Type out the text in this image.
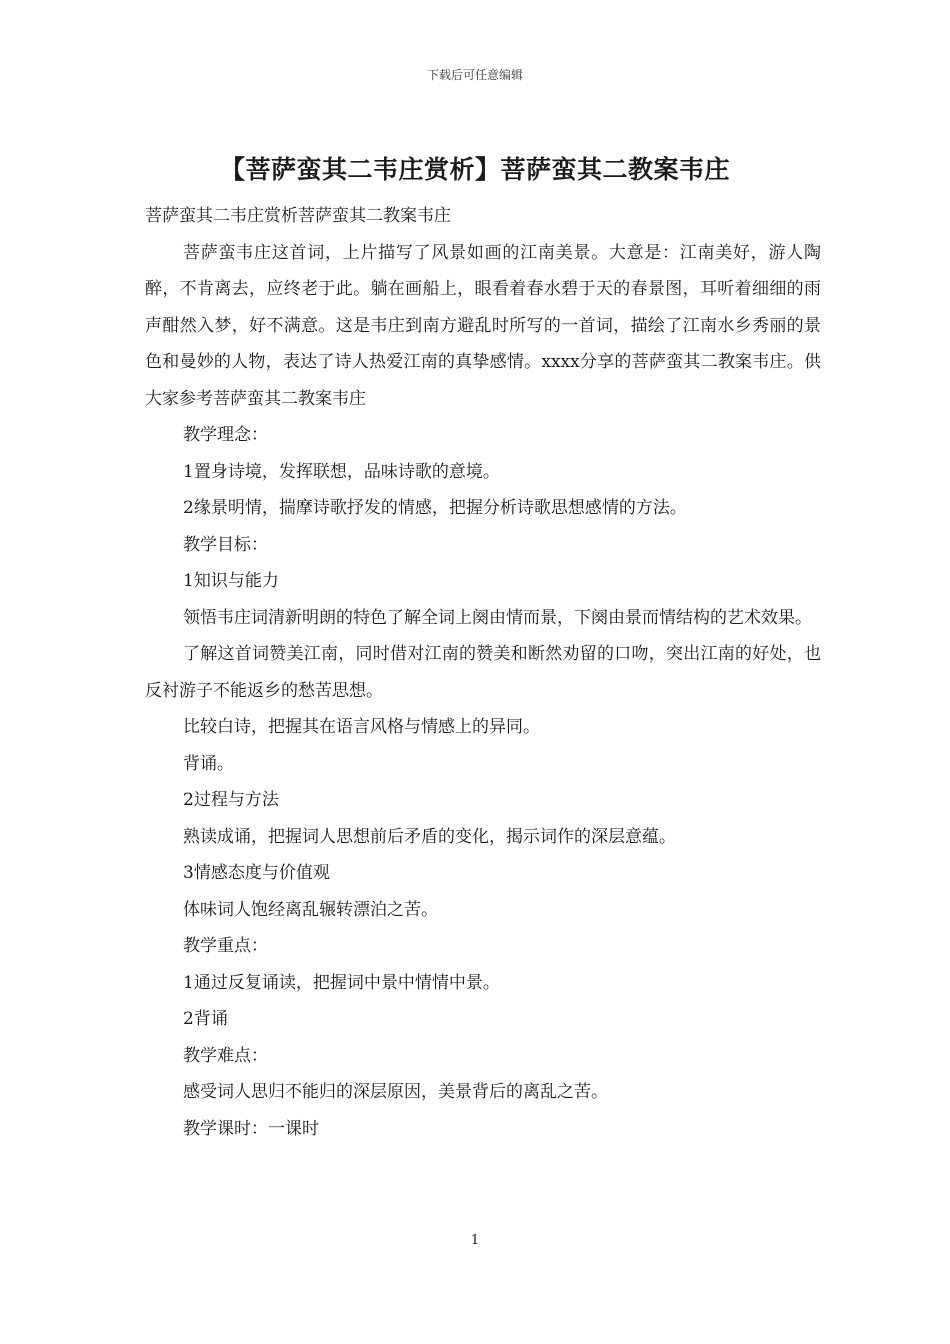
下载后可任意编辑
【菩萨蛮其二韦庄赏析】菩萨蛮其二教案韦庄

菩萨蛮其二韦庄赏析菩萨蛮其二教案韦庄

菩萨蛮韦庄这首词，上片描写了风景如画的江南美景。大意是：江南美好，游人陶醉，不肯离去，应终老于此。躺在画船上，眼看着春水碧于天的春景图，耳听着细细的雨声酣然入梦，好不满意。这是韦庄到南方避乱时所写的一首词，描绘了江南水乡秀丽的景色和曼妙的人物，表达了诗人热爱江南的真挚感情。xxxx分享的菩萨蛮其二教案韦庄。供大家参考菩萨蛮其二教案韦庄

教学理念：

1置身诗境，发挥联想，品味诗歌的意境。

2缘景明情，揣摩诗歌抒发的情感，把握分析诗歌思想感情的方法。

教学目标：

1知识与能力

领悟韦庄词清新明朗的特色了解全词上阕由情而景，下阕由景而情结构的艺术效果。

了解这首词赞美江南，同时借对江南的赞美和断然劝留的口吻，突出江南的好处，也反衬游子不能返乡的愁苦思想。

比较白诗，把握其在语言风格与情感上的异同。

背诵。

2过程与方法

熟读成诵，把握词人思想前后矛盾的变化，揭示词作的深层意蕴。

3情感态度与价值观

体味词人饱经离乱辗转漂泊之苦。

教学重点：

1通过反复诵读，把握词中景中情情中景。

2背诵

教学难点：

感受词人思归不能归的深层原因，美景背后的离乱之苦。

教学课时：一课时

1
